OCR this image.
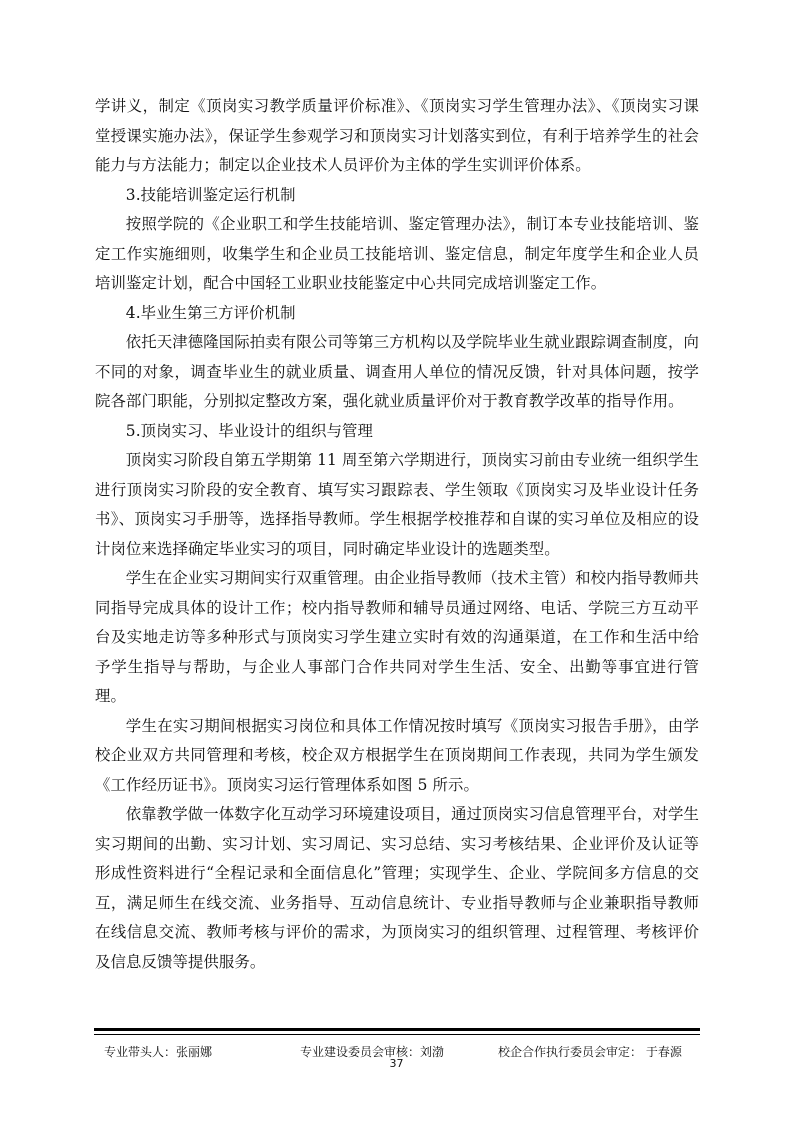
学讲义，制定《顶岗实习教学质量评价标准》、《顶岗实习学生管理办法》、《顶岗实习课堂授课实施办法》，保证学生参观学习和顶岗实习计划落实到位，有利于培养学生的社会能力与方法能力；制定以企业技术人员评价为主体的学生实训评价体系。

3.技能培训鉴定运行机制

按照学院的《企业职工和学生技能培训、鉴定管理办法》，制订本专业技能培训、鉴定工作实施细则，收集学生和企业员工技能培训、鉴定信息，制定年度学生和企业人员培训鉴定计划，配合中国轻工业职业技能鉴定中心共同完成培训鉴定工作。

4.毕业生第三方评价机制

依托天津德隆国际拍卖有限公司等第三方机构以及学院毕业生就业跟踪调查制度，向不同的对象，调查毕业生的就业质量、调查用人单位的情况反馈，针对具体问题，按学院各部门职能，分别拟定整改方案，强化就业质量评价对于教育教学改革的指导作用。

5.顶岗实习、毕业设计的组织与管理

顶岗实习阶段自第五学期第 11 周至第六学期进行，顶岗实习前由专业统一组织学生进行顶岗实习阶段的安全教育、填写实习跟踪表、学生领取《顶岗实习及毕业设计任务书》、顶岗实习手册等，选择指导教师。学生根据学校推荐和自谋的实习单位及相应的设计岗位来选择确定毕业实习的项目，同时确定毕业设计的选题类型。

学生在企业实习期间实行双重管理。由企业指导教师（技术主管）和校内指导教师共同指导完成具体的设计工作；校内指导教师和辅导员通过网络、电话、学院三方互动平台及实地走访等多种形式与顶岗实习学生建立实时有效的沟通渠道，在工作和生活中给予学生指导与帮助，与企业人事部门合作共同对学生生活、安全、出勤等事宜进行管理。

学生在实习期间根据实习岗位和具体工作情况按时填写《顶岗实习报告手册》，由学校企业双方共同管理和考核，校企双方根据学生在顶岗期间工作表现，共同为学生颁发《工作经历证书》。顶岗实习运行管理体系如图 5 所示。

依靠教学做一体数字化互动学习环境建设项目，通过顶岗实习信息管理平台，对学生实习期间的出勤、实习计划、实习周记、实习总结、实习考核结果、企业评价及认证等形成性资料进行“全程记录和全面信息化”管理；实现学生、企业、学院间多方信息的交互，满足师生在线交流、业务指导、互动信息统计、专业指导教师与企业兼职指导教师在线信息交流、教师考核与评价的需求，为顶岗实习的组织管理、过程管理、考核评价及信息反馈等提供服务。

专业带头人：张丽娜	专业建设委员会审核：刘渤	校企合作执行委员会审定： 于春源
37
